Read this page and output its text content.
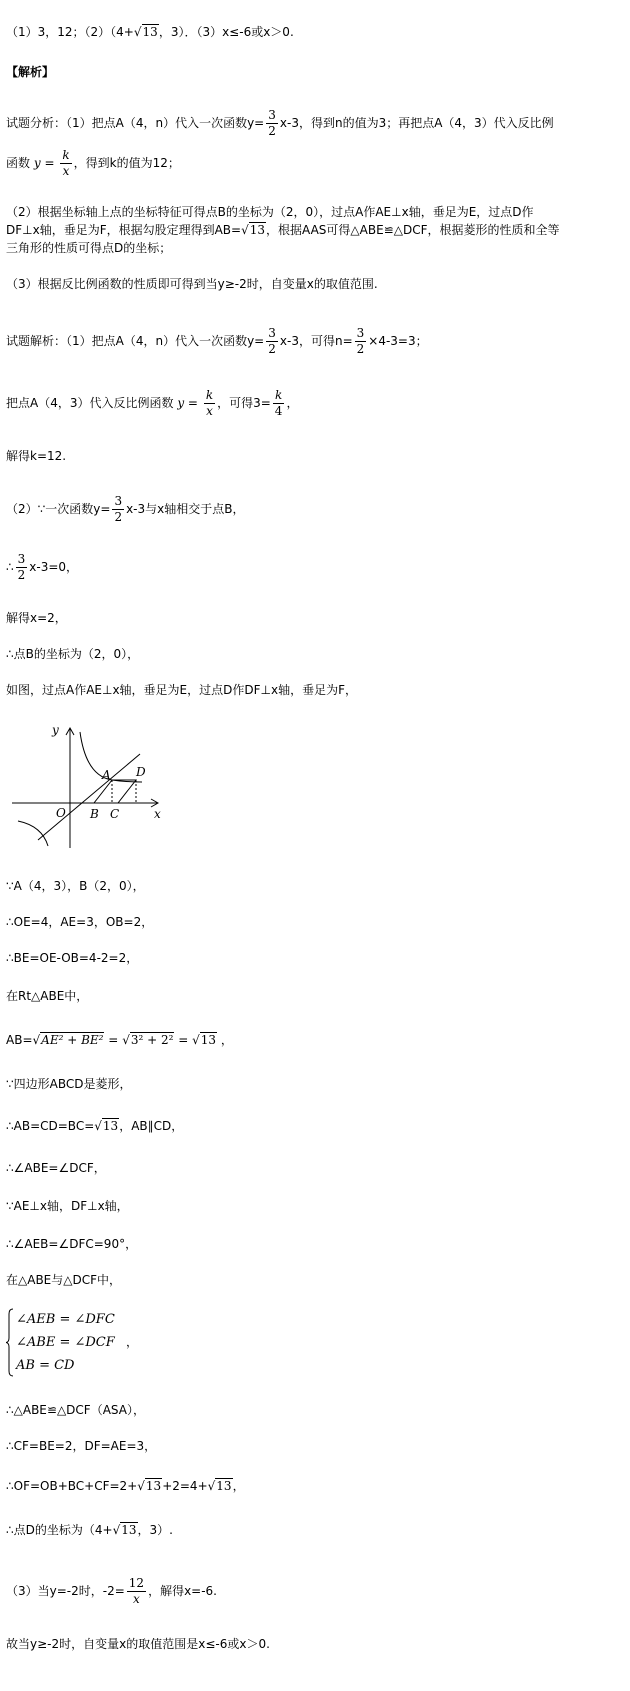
（1）3，12；（2）（4+√13，3）．（3）x≤-6或x＞0.
【解析】
试题分析：（1）把点A（4，n）代入一次函数$y= \frac{3}{2} x-3$，得到n的值为3；再把点A（4，3）代入反比例
函数 $y = \frac{k}{x}$ ，得到k的值为12；
（2）根据坐标轴上点的坐标特征可得点B的坐标为（2，0），过点A作AE⊥x轴，垂足为E，过点D作
DF⊥x轴，垂足为F，根据勾股定理得到AB=√13，根据AAS可得△ABE≌△DCF，根据菱形的性质和全等
三角形的性质可得点D的坐标；
（3）根据反比例函数的性质即可得到当y≥-2时，自变量x的取值范围.
试题解析：（1）把点A（4，n）代入一次函数$y= \frac{3}{2} x-3$，可得$n= \frac{3}{2} \times 4-3=3$；
把点A（4，3）代入反比例函数 $y = \frac{k}{x}$ ，可得$3= \frac{k}{4}$ ，
解得k=12.
（2）∵一次函数$y= \frac{3}{2} x-3$与x轴相交于点B，
∴ $\frac{3}{2} x-3=0$，
解得x=2，
∴点B的坐标为（2，0），
如图，过点A作AE⊥x轴，垂足为E，过点D作DF⊥x轴，垂足为F，
y
x
O
A
B C
D
∵A（4，3），B（2，0），
∴OE=4，AE=3，OB=2，
∴BE=OE-OB=4-2=2，
在Rt△ABE中，
AB=√AE² + BE² = √3² + 2² = √13 ，
∵四边形ABCD是菱形，
∴AB=CD=BC=√13，AB∥CD，
∴∠ABE=∠DCF，
∵AE⊥x轴，DF⊥x轴，
∴∠AEB=∠DFC=90°，
在△ABE与△DCF中，
∠AEB = ∠DFC
∠ABE = ∠DCF
AB = CD
，
∴△ABE≌△DCF（ASA），
∴CF=BE=2，DF=AE=3，
∴OF=OB+BC+CF=2+√13+2=4+√13，
∴点D的坐标为（4+√13，3）.
（3）当y=-2时，$-2= \frac{12}{x}$ ，解得x=-6.
故当y≥-2时，自变量x的取值范围是x≤-6或x＞0.
